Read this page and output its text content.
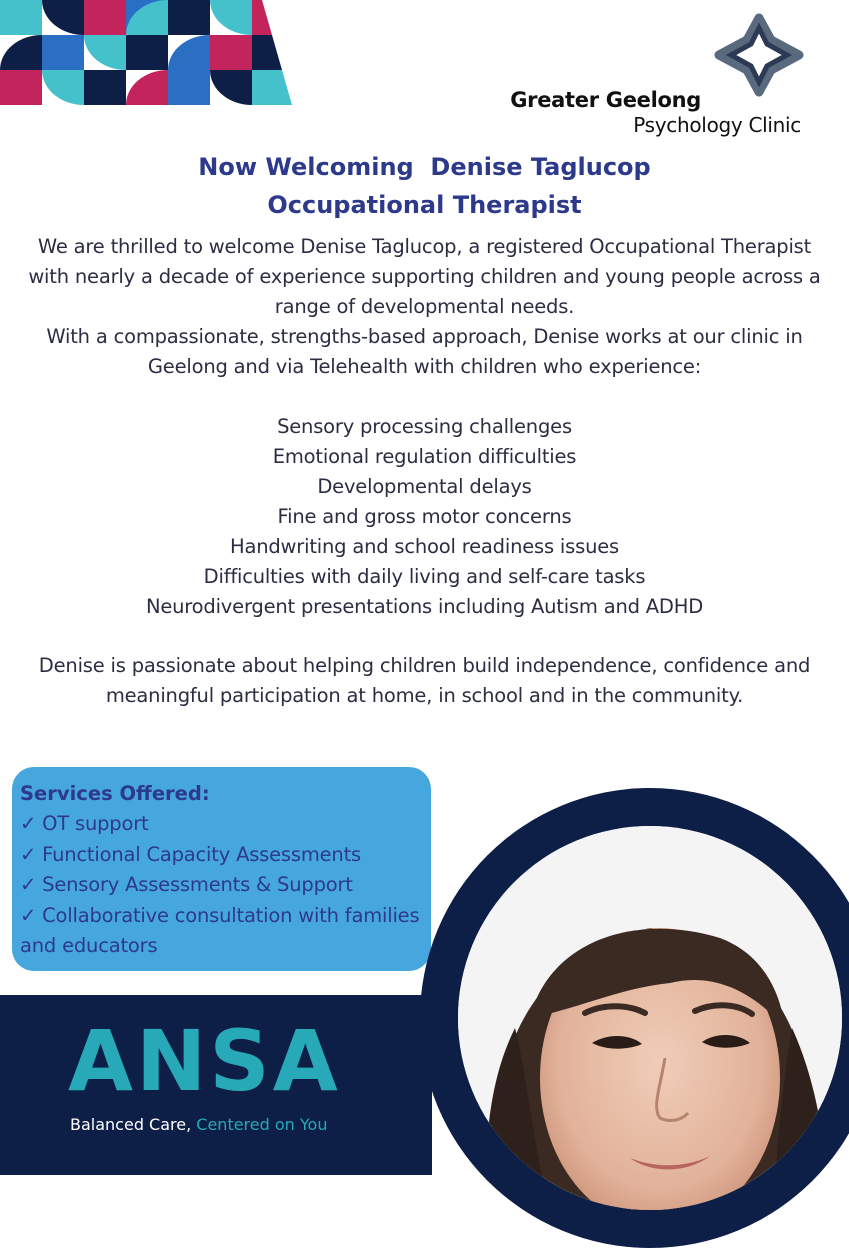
Greater Geelong
Psychology Clinic
Now Welcoming  Denise Taglucop
Occupational Therapist
We are thrilled to welcome Denise Taglucop, a registered Occupational Therapist with nearly a decade of experience supporting children and young people across a range of developmental needs.
With a compassionate, strengths-based approach, Denise works at our clinic in Geelong and via Telehealth with children who experience:
Sensory processing challenges
Emotional regulation difficulties
Developmental delays
Fine and gross motor concerns
Handwriting and school readiness issues
Difficulties with daily living and self-care tasks
Neurodivergent presentations including Autism and ADHD
Denise is passionate about helping children build independence, confidence and meaningful participation at home, in school and in the community.
Services Offered:
✓ OT support
✓ Functional Capacity Assessments
✓ Sensory Assessments & Support
✓ Collaborative consultation with families and educators
ANSA
Balanced Care, Centered on You
